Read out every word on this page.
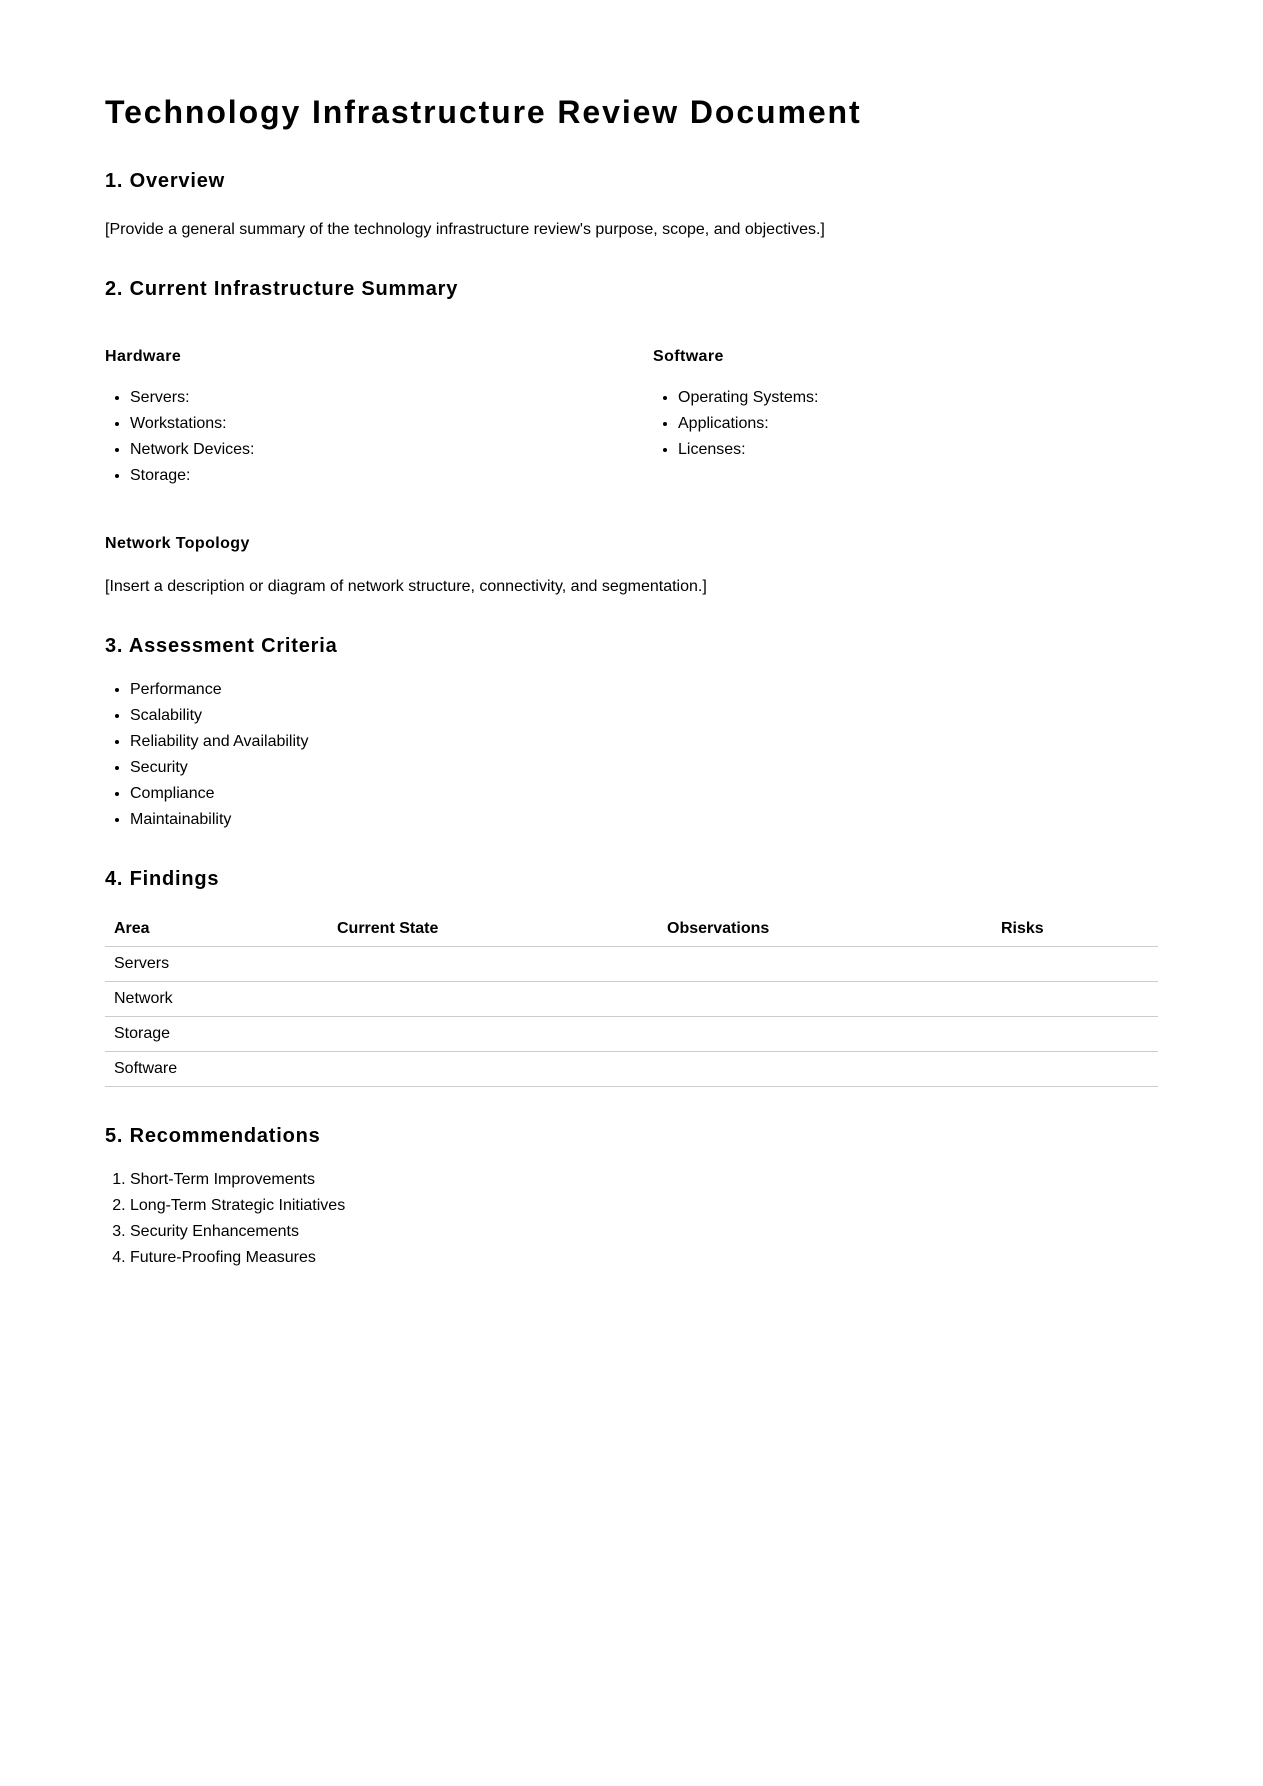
Technology Infrastructure Review Document
1. Overview

[Provide a general summary of the technology infrastructure review's purpose, scope, and objectives.]

2. Current Infrastructure Summary
Hardware
• Servers:
• Workstations:
• Network Devices:
• Storage:
Software
• Operating Systems:
• Applications:
• Licenses:
Network Topology

[Insert a description or diagram of network structure, connectivity, and segmentation.]

3. Assessment Criteria
• Performance
• Scalability
• Reliability and Availability
• Security
• Compliance
• Maintainability
4. Findings
Area	Current State	Observations	Risks
Servers			
Network			
Storage			
Software			
5. Recommendations
1. Short-Term Improvements
2. Long-Term Strategic Initiatives
3. Security Enhancements
4. Future-Proofing Measures
